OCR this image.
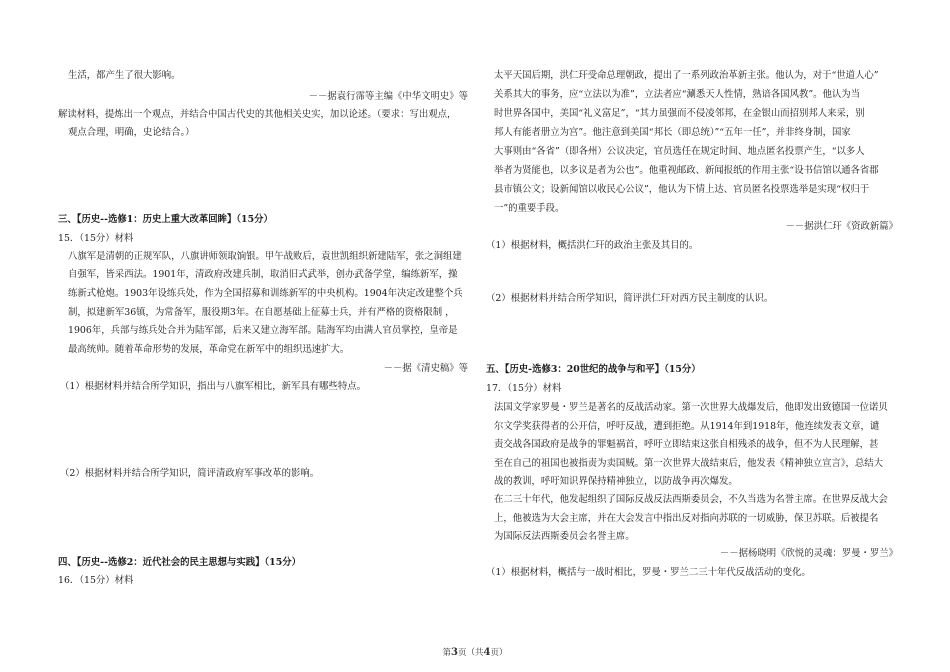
生活，都产生了很大影响。
－－据袁行霈等主编《中华文明史》等
解读材料，提炼出一个观点，并结合中国古代史的其他相关史实，加以论述。（要求：写出观点，
观点合理，明确，史论结合。）
三、【历史--选修1：历史上重大改革回眸】（15分）
15．（15分）材料
八旗军是清朝的正规军队，八旗讲师领取饷银。甲午战败后，袁世凯组织新建陆军，张之洞组建
自强军，皆采西法。1901年，清政府改建兵制，取消旧式武举，创办武备学堂，编练新军，操
练新式枪炮。1903年设练兵处，作为全国招募和训练新军的中央机构。1904年决定改建整个兵
制，拟建新军36镇，为常备军，服役期3年。在自愿基础上征募士兵，并有严格的资格限制 ，
1906年，兵部与练兵处合并为陆军部，后来又建立海军部。陆海军均由满人官员掌控，皇帝是
最高统帅。随着革命形势的发展，革命党在新军中的组织迅速扩大。
－－据《清史稿》等
（1）根据材料并结合所学知识，指出与八旗军相比，新军具有哪些特点。
（2）根据材料并结合所学知识，简评清政府军事改革的影响。
四、【历史--选修2：近代社会的民主思想与实践】（15分）
16．（15分）材料
太平天国后期，洪仁玕受命总理朝政，提出了一系列政治革新主张。他认为，对于“世道人心”
关系其大的事务，应“立法以为准”，立法者应“涮悉天人性情，熟谙各国风教”。他认为当
时世界各国中，美国“礼义富足”，“其力虽强而不侵凌邻邦，在金银山而招别邦人来采，别
邦人有能者册立为宫”。他注意到美国“邦长（即总统）”“五年一任”，并非终身制，国家
大事则由“各省”（即各州）公议决定，官员选任在规定时间、地点匿名投票产生，“以多人
举者为贤能也，以多议是者为公也”。他重视邮政、新闻报纸的作用主张“设书信馆以通各省郡
县市镇公文；设新闻馆以收民心公议”，他认为下情上达、官员匿名投票选举是实现“权归于
一”的重要手段。
－－据洪仁玕《资政新篇》
（1）根据材料，概括洪仁玕的政治主张及其目的。
（2）根据材料并结合所学知识，简评洪仁玕对西方民主制度的认识。
五、【历史-选修3：20世纪的战争与和平】（15分）
17．（15分）材料
法国文学家罗曼・罗兰是著名的反战活动家。第一次世界大战爆发后，他即发出致德国一位诺贝
尔文学奖获得者的公开信，呼吁反战，遭到拒绝。从1914年到1918年，他连续发表文章，谴
责交战各国政府是战争的罪魁祸首，呼吁立即结束这张自相残杀的战争，但不为人民理解，甚
至在自己的祖国也被指责为卖国贼。第一次世界大战结束后，他发表《精神独立宣言》，总结大
战的教训，呼吁知识界保持精神独立，以防战争再次爆发。
在二三十年代，他发起组织了国际反战反法西斯委员会，不久当选为名誉主席。在世界反战大会
上，他被选为大会主席，并在大会发言中指出反对指向苏联的一切威胁，保卫苏联。后被提名
为国际反法西斯委员会名誉主席。
－－据杨晓明《欣悦的灵魂：罗曼・罗兰》
（1）根据材料，概括与一战时相比，罗曼・罗兰二三十年代反战活动的变化。
第3页（共4页）
